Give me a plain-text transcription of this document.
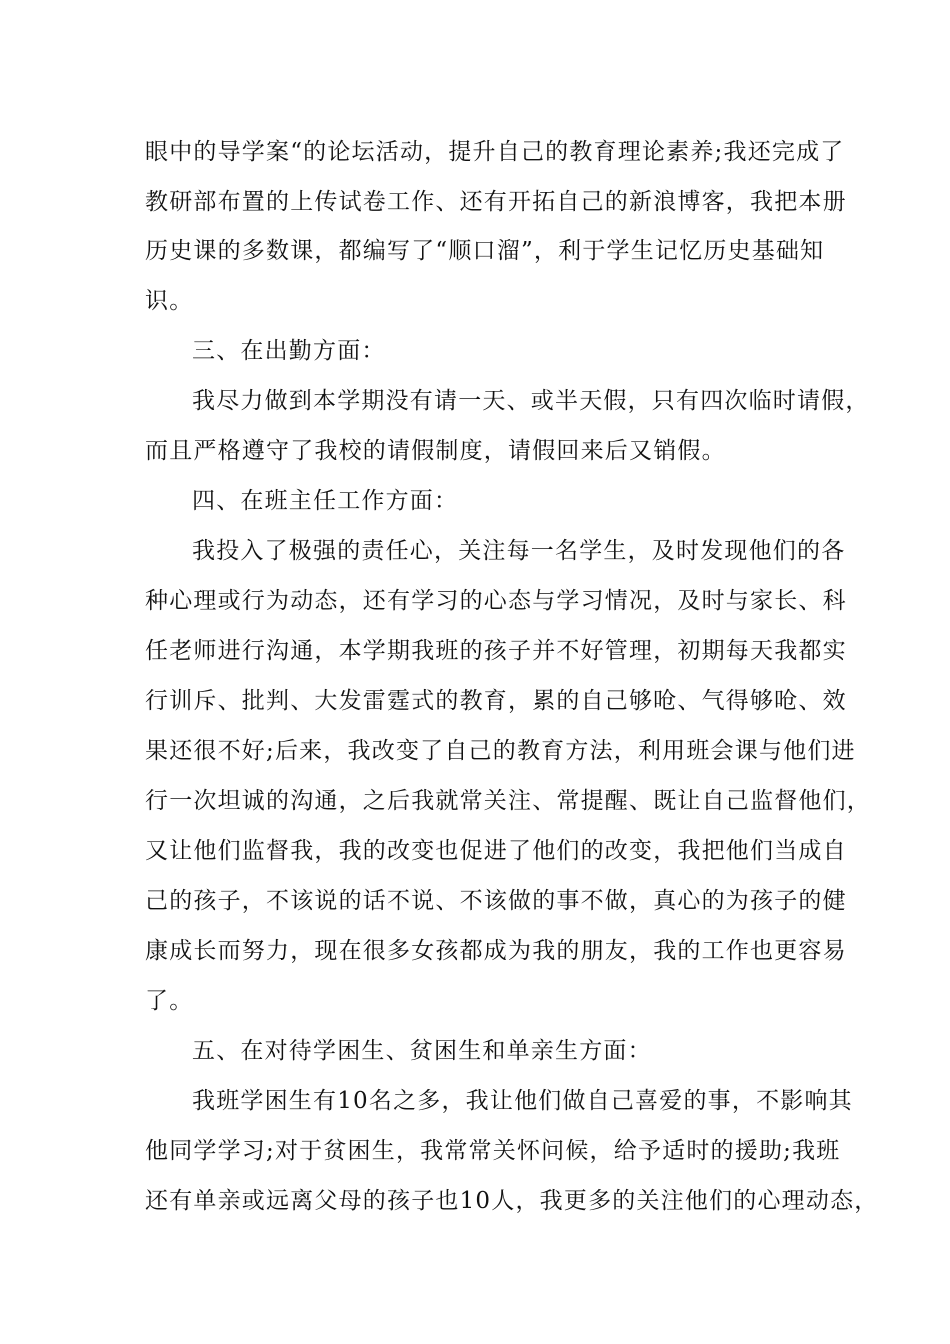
眼中的导学案“的论坛活动，提升自己的教育理论素养;我还完成了
教研部布置的上传试卷工作、还有开拓自己的新浪博客，我把本册
历史课的多数课，都编写了“顺口溜”，利于学生记忆历史基础知
识。
三、在出勤方面：
我尽力做到本学期没有请一天、或半天假，只有四次临时请假，
而且严格遵守了我校的请假制度，请假回来后又销假。
四、在班主任工作方面：
我投入了极强的责任心，关注每一名学生，及时发现他们的各
种心理或行为动态，还有学习的心态与学习情况，及时与家长、科
任老师进行沟通，本学期我班的孩子并不好管理，初期每天我都实
行训斥、批判、大发雷霆式的教育，累的自己够呛、气得够呛、效
果还很不好;后来，我改变了自己的教育方法，利用班会课与他们进
行一次坦诚的沟通，之后我就常关注、常提醒、既让自己监督他们，
又让他们监督我，我的改变也促进了他们的改变，我把他们当成自
己的孩子，不该说的话不说、不该做的事不做，真心的为孩子的健
康成长而努力，现在很多女孩都成为我的朋友，我的工作也更容易
了。
五、在对待学困生、贫困生和单亲生方面：
我班学困生有10名之多，我让他们做自己喜爱的事，不影响其
他同学学习;对于贫困生，我常常关怀问候，给予适时的援助;我班
还有单亲或远离父母的孩子也10人，我更多的关注他们的心理动态，
